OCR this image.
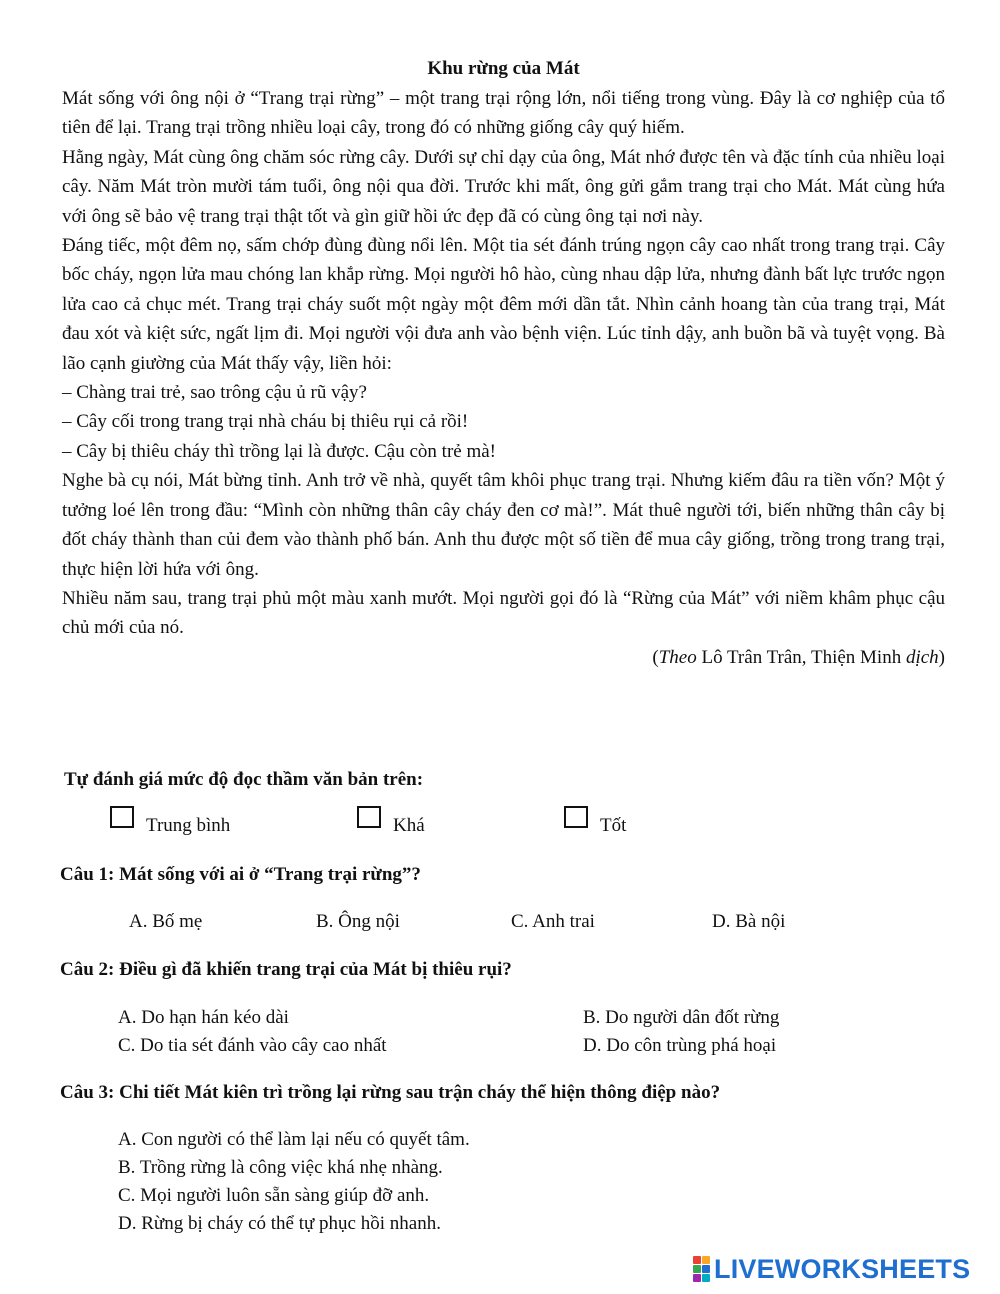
Khu rừng của Mát

Mát sống với ông nội ở “Trang trại rừng” – một trang trại rộng lớn, nổi tiếng trong vùng. Đây là cơ nghiệp của tổ tiên để lại. Trang trại trồng nhiều loại cây, trong đó có những giống cây quý hiếm.

Hằng ngày, Mát cùng ông chăm sóc rừng cây. Dưới sự chỉ dạy của ông, Mát nhớ được tên và đặc tính của nhiều loại cây. Năm Mát tròn mười tám tuổi, ông nội qua đời. Trước khi mất, ông gửi gắm trang trại cho Mát. Mát cùng hứa với ông sẽ bảo vệ trang trại thật tốt và gìn giữ hồi ức đẹp đã có cùng ông tại nơi này.

Đáng tiếc, một đêm nọ, sấm chớp đùng đùng nổi lên. Một tia sét đánh trúng ngọn cây cao nhất trong trang trại. Cây bốc cháy, ngọn lửa mau chóng lan khắp rừng. Mọi người hô hào, cùng nhau dập lửa, nhưng đành bất lực trước ngọn lửa cao cả chục mét. Trang trại cháy suốt một ngày một đêm mới dần tắt. Nhìn cảnh hoang tàn của trang trại, Mát đau xót và kiệt sức, ngất lịm đi. Mọi người vội đưa anh vào bệnh viện. Lúc tỉnh dậy, anh buồn bã và tuyệt vọng. Bà lão cạnh giường của Mát thấy vậy, liền hỏi:

– Chàng trai trẻ, sao trông cậu ủ rũ vậy?

– Cây cối trong trang trại nhà cháu bị thiêu rụi cả rồi!

– Cây bị thiêu cháy thì trồng lại là được. Cậu còn trẻ mà!

Nghe bà cụ nói, Mát bừng tỉnh. Anh trở về nhà, quyết tâm khôi phục trang trại. Nhưng kiếm đâu ra tiền vốn? Một ý tưởng loé lên trong đầu: “Mình còn những thân cây cháy đen cơ mà!”. Mát thuê người tới, biến những thân cây bị đốt cháy thành than củi đem vào thành phố bán. Anh thu được một số tiền để mua cây giống, trồng trong trang trại, thực hiện lời hứa với ông.

Nhiều năm sau, trang trại phủ một màu xanh mướt. Mọi người gọi đó là “Rừng của Mát” với niềm khâm phục cậu chủ mới của nó.

(Theo Lô Trân Trân, Thiện Minh dịch)

Tự đánh giá mức độ đọc thầm văn bản trên:
Trung bình	Khá	Tốt
Câu 1: Mát sống với ai ở “Trang trại rừng”?
A. Bố mẹ	B. Ông nội	C. Anh trai	D. Bà nội
Câu 2: Điều gì đã khiến trang trại của Mát bị thiêu rụi?
A. Do hạn hán kéo dài	B. Do người dân đốt rừng
C. Do tia sét đánh vào cây cao nhất	D. Do côn trùng phá hoại
Câu 3: Chi tiết Mát kiên trì trồng lại rừng sau trận cháy thể hiện thông điệp nào?
A. Con người có thể làm lại nếu có quyết tâm.
B. Trồng rừng là công việc khá nhẹ nhàng.
C. Mọi người luôn sẵn sàng giúp đỡ anh.
D. Rừng bị cháy có thể tự phục hồi nhanh.
LIVEWORKSHEETS
